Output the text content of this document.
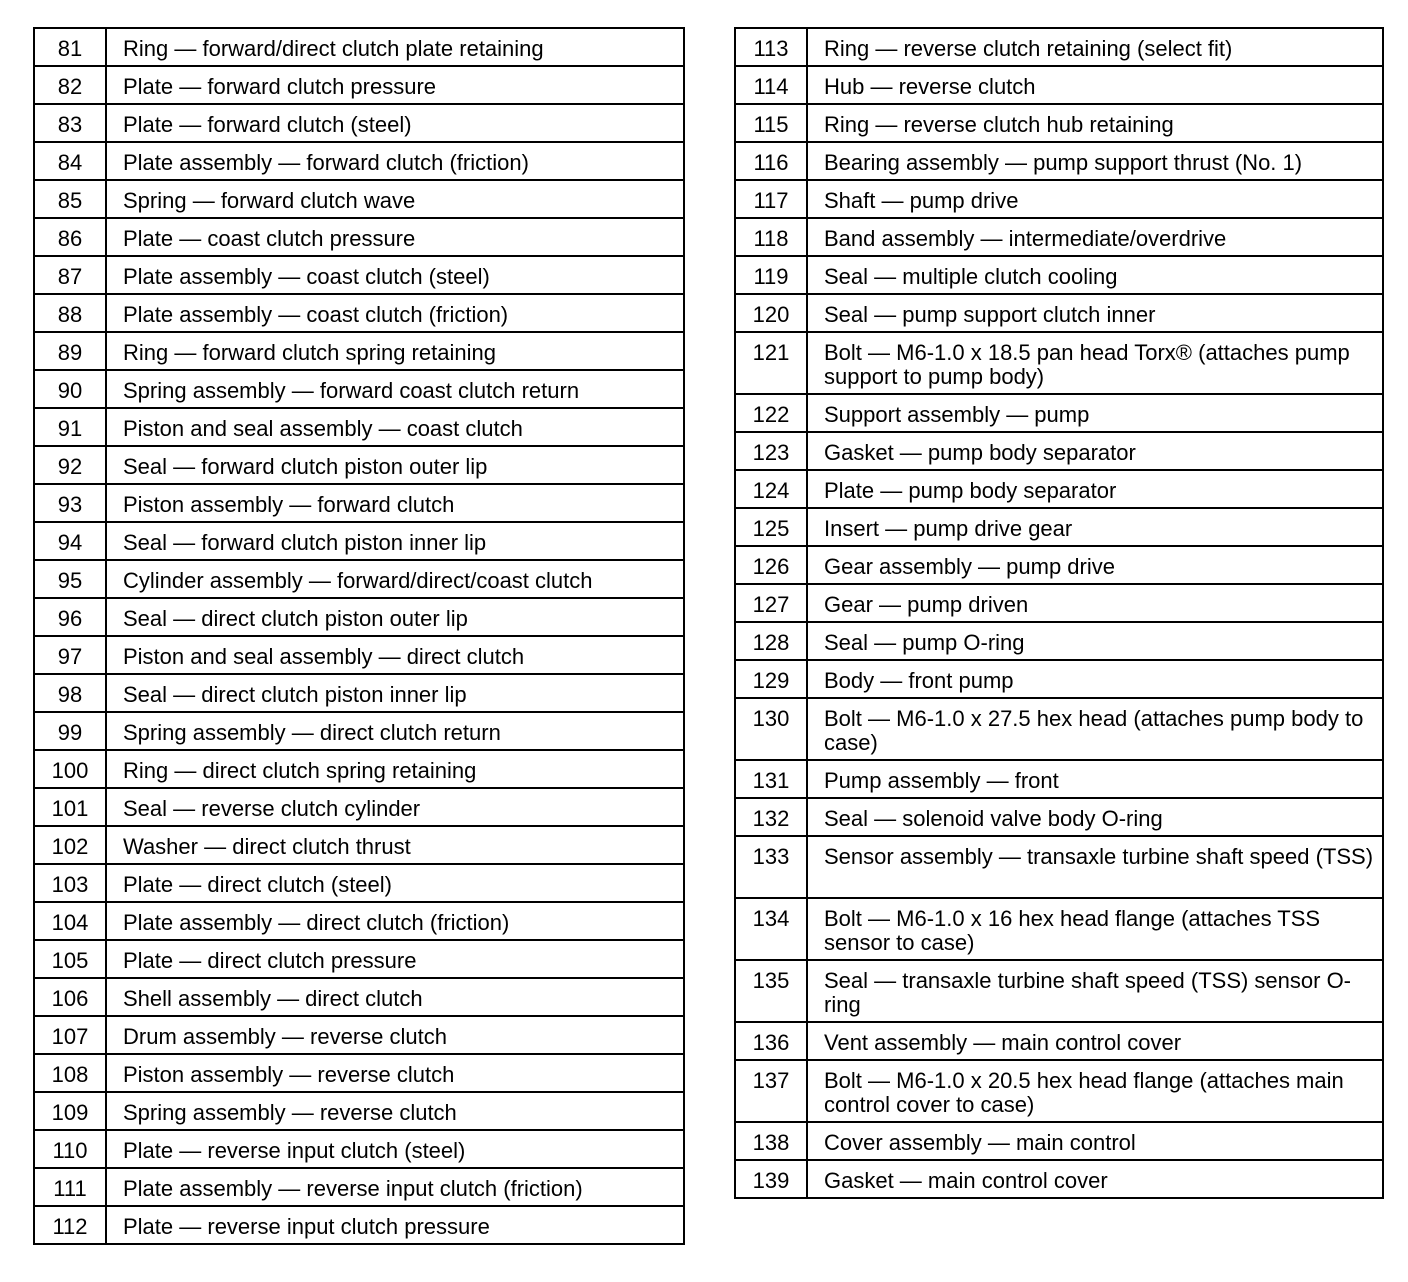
81	Ring — forward/direct clutch plate retaining
82	Plate — forward clutch pressure
83	Plate — forward clutch (steel)
84	Plate assembly — forward clutch (friction)
85	Spring — forward clutch wave
86	Plate — coast clutch pressure
87	Plate assembly — coast clutch (steel)
88	Plate assembly — coast clutch (friction)
89	Ring — forward clutch spring retaining
90	Spring assembly — forward coast clutch return
91	Piston and seal assembly — coast clutch
92	Seal — forward clutch piston outer lip
93	Piston assembly — forward clutch
94	Seal — forward clutch piston inner lip
95	Cylinder assembly — forward/direct/coast clutch
96	Seal — direct clutch piston outer lip
97	Piston and seal assembly — direct clutch
98	Seal — direct clutch piston inner lip
99	Spring assembly — direct clutch return
100	Ring — direct clutch spring retaining
101	Seal — reverse clutch cylinder
102	Washer — direct clutch thrust
103	Plate — direct clutch (steel)
104	Plate assembly — direct clutch (friction)
105	Plate — direct clutch pressure
106	Shell assembly — direct clutch
107	Drum assembly — reverse clutch
108	Piston assembly — reverse clutch
109	Spring assembly — reverse clutch
110	Plate — reverse input clutch (steel)
111	Plate assembly — reverse input clutch (friction)
112	Plate — reverse input clutch pressure
113	Ring — reverse clutch retaining (select fit)
114	Hub — reverse clutch
115	Ring — reverse clutch hub retaining
116	Bearing assembly — pump support thrust (No. 1)
117	Shaft — pump drive
118	Band assembly — intermediate/overdrive
119	Seal — multiple clutch cooling
120	Seal — pump support clutch inner
121	Bolt — M6-1.0 x 18.5 pan head Torx® (attaches pump support to pump body)
122	Support assembly — pump
123	Gasket — pump body separator
124	Plate — pump body separator
125	Insert — pump drive gear
126	Gear assembly — pump drive
127	Gear — pump driven
128	Seal — pump O-ring
129	Body — front pump
130	Bolt — M6-1.0 x 27.5 hex head (attaches pump body to case)
131	Pump assembly — front
132	Seal — solenoid valve body O-ring
133	Sensor assembly — transaxle turbine shaft speed (TSS)
134	Bolt — M6-1.0 x 16 hex head flange (attaches TSS sensor to case)
135	Seal — transaxle turbine shaft speed (TSS) sensor O-ring
136	Vent assembly — main control cover
137	Bolt — M6-1.0 x 20.5 hex head flange (attaches main control cover to case)
138	Cover assembly — main control
139	Gasket — main control cover
